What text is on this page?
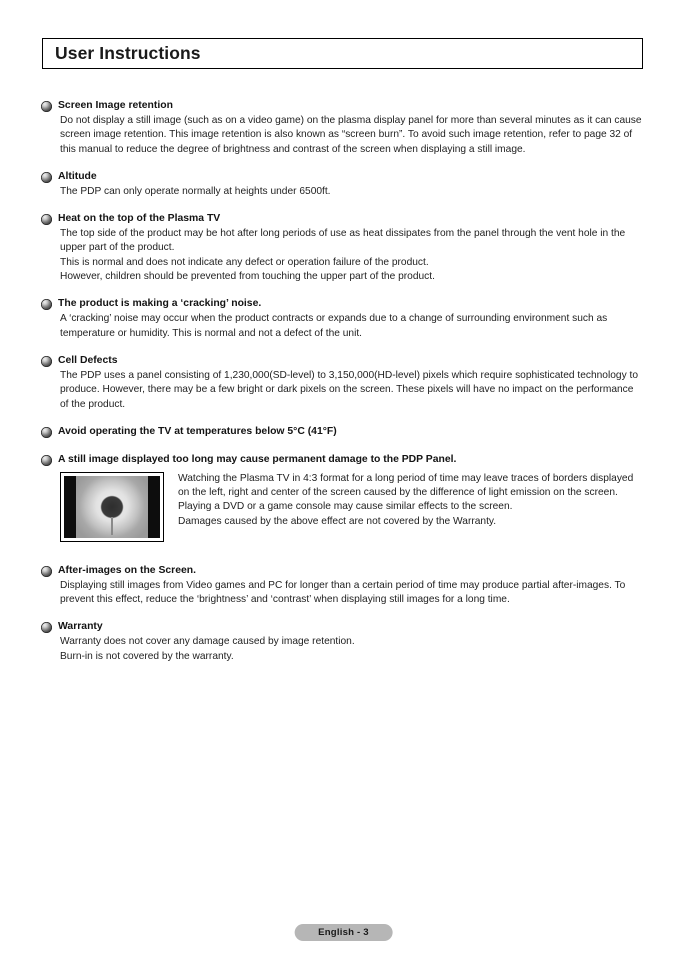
User Instructions
Screen Image retention
Do not display a still image (such as on a video game) on the plasma display panel for more than several minutes as it can cause screen image retention. This image retention is also known as “screen burn”. To avoid such image retention, refer to page 32 of this manual to reduce the degree of brightness and contrast of the screen when displaying a still image.
Altitude
The PDP can only operate normally at heights under 6500ft.
Heat on the top of the Plasma TV
The top side of the product may be hot after long periods of use as heat dissipates from the panel through the vent hole in the upper part of the product.
This is normal and does not indicate any defect or operation failure of the product.
However, children should be prevented from touching the upper part of the product.
The product is making a ‘cracking’ noise.
A ‘cracking’ noise may occur when the product contracts or expands due to a change of surrounding environment such as temperature or humidity. This is normal and not a defect of the unit.
Cell Defects
The PDP uses a panel consisting of 1,230,000(SD-level) to 3,150,000(HD-level) pixels which require sophisticated technology to produce. However, there may be a few bright or dark pixels on the screen. These pixels will have no impact on the performance of the product.
Avoid operating the TV at temperatures below 5°C (41°F)
A still image displayed too long may cause permanent damage to the PDP Panel.
Watching the Plasma TV in 4:3 format for a long period of time may leave traces of borders displayed on the left, right and center of the screen caused by the difference of light emission on the screen.
Playing a DVD or a game console may cause similar effects to the screen.
Damages caused by the above effect are not covered by the Warranty.
After-images on the Screen.
Displaying still images from Video games and PC for longer than a certain period of time may produce partial after-images. To prevent this effect, reduce the ‘brightness’ and ‘contrast’ when displaying still images for a long time.
Warranty
Warranty does not cover any damage caused by image retention.
Burn-in is not covered by the warranty.
English - 3
